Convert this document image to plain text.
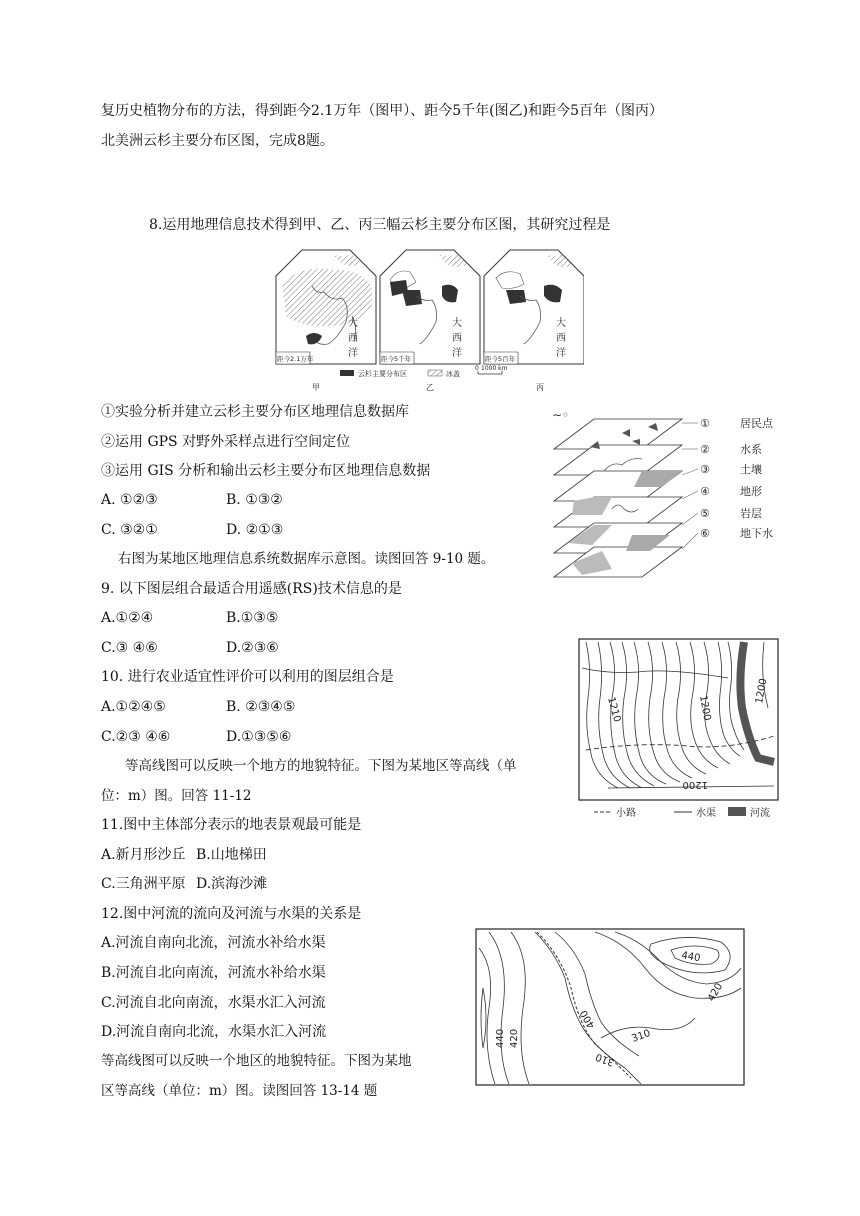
复历史植物分布的方法，得到距今2.1万年（图甲）、距今5千年(图乙)和距今5百年（图丙）
北美洲云杉主要分布区图，完成8题。
8.运用地理信息技术得到甲、乙、丙三幅云杉主要分布区图，其研究过程是
距今2.1万年
大
西
洋	距今5千年
大
西
洋	距今5百年
大
西
洋
云杉主要分布区	冰盖
0 1000 km
甲	乙	丙
①实验分析并建立云杉主要分布区地理信息数据库
②运用 GPS 对野外采样点进行空间定位
③运用 GIS 分析和输出云杉主要分布区地理信息数据
A. ①②③	B. ①③②
C. ③②①	D. ②①③
∼◦
①	居民点
②	水系
③	土壤
④	地形
⑤	岩层
⑥	地下水
右图为某地区地理信息系统数据库示意图。读图回答 9-10 题。
9. 以下图层组合最适合用遥感(RS)技术信息的是
A.①②④	B.①③⑤
C.③ ④⑥	D.②③⑥
10. 进行农业适宜性评价可以利用的图层组合是
A.①②④⑤	B. ②③④⑤
C.②③ ④⑥	D.①③⑤⑥
1210	1200
1200
1200
小路	水渠	河流
等高线图可以反映一个地方的地貌特征。下图为某地区等高线（单
位：m）图。回答 11-12
11.图中主体部分表示的地表景观最可能是
A.新月形沙丘 B.山地梯田
C.三角洲平原 D.滨海沙滩
12.图中河流的流向及河流与水渠的关系是
A.河流自南向北流，河流水补给水渠
B.河流自北向南流，河流水补给水渠
C.河流自北向南流，水渠水汇入河流
D.河流自南向北流，水渠水汇入河流
440
420
400
310
310
440 420
等高线图可以反映一个地区的地貌特征。下图为某地
区等高线（单位：m）图。读图回答 13-14 题
